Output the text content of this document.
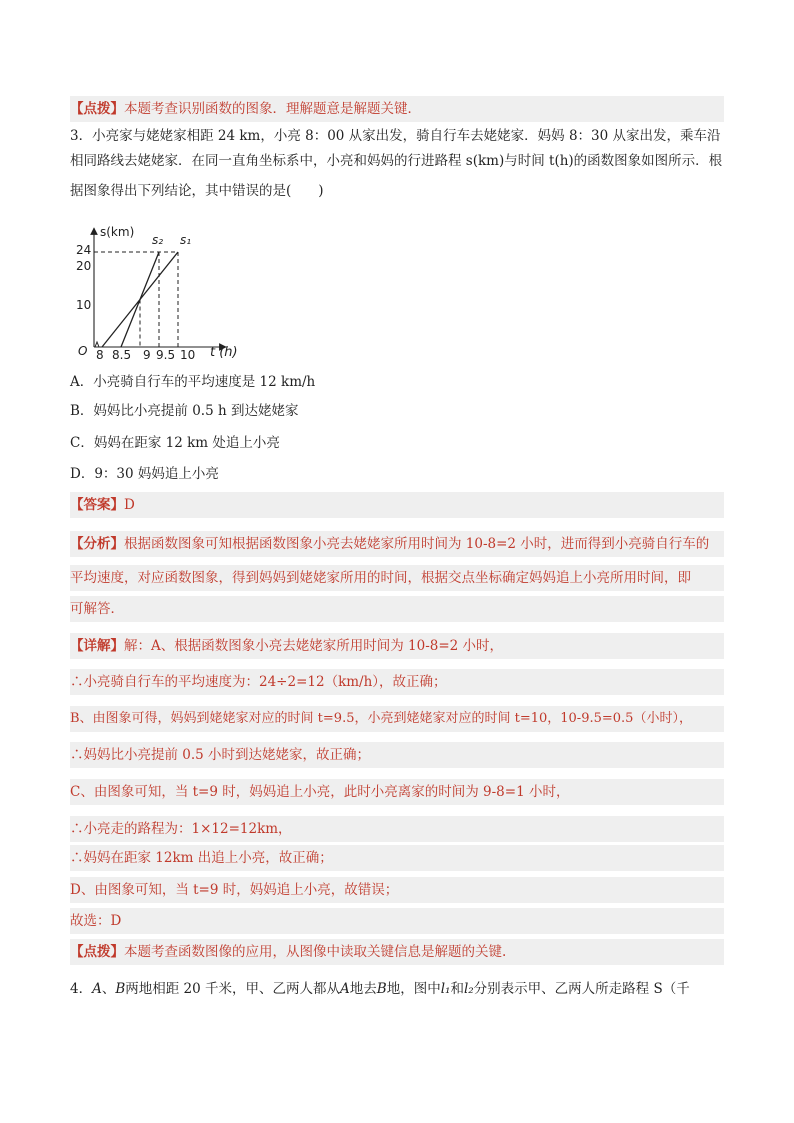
【点拨】本题考查识别函数的图象．理解题意是解题关键．
3．小亮家与姥姥家相距 24 km，小亮 8：00 从家出发，骑自行车去姥姥家．妈妈 8：30 从家出发，乘车沿
相同路线去姥姥家．在同一直角坐标系中，小亮和妈妈的行进路程 s(km)与时间 t(h)的函数图象如图所示．根
据图象得出下列结论，其中错误的是(　　)
s(km)
s₂ s₁
24
20
10
O 8 8.5 9 9.5 10 t (h)
A．小亮骑自行车的平均速度是 12 km/h
B．妈妈比小亮提前 0.5 h 到达姥姥家
C．妈妈在距家 12 km 处追上小亮
D．9：30 妈妈追上小亮
【答案】D
【分析】根据函数图象可知根据函数图象小亮去姥姥家所用时间为 10-8=2 小时，进而得到小亮骑自行车的
平均速度，对应函数图象，得到妈妈到姥姥家所用的时间，根据交点坐标确定妈妈追上小亮所用时间，即
可解答．
【详解】解：A、根据函数图象小亮去姥姥家所用时间为 10-8=2 小时，
∴小亮骑自行车的平均速度为：24÷2=12（km/h），故正确；
B、由图象可得，妈妈到姥姥家对应的时间 t=9.5，小亮到姥姥家对应的时间 t=10，10-9.5=0.5（小时），
∴妈妈比小亮提前 0.5 小时到达姥姥家，故正确；
C、由图象可知，当 t=9 时，妈妈追上小亮，此时小亮离家的时间为 9-8=1 小时，
∴小亮走的路程为：1×12=12km，
∴妈妈在距家 12km 出追上小亮，故正确；
D、由图象可知，当 t=9 时，妈妈追上小亮，故错误；
故选：D
【点拨】本题考查函数图像的应用，从图像中读取关键信息是解题的关键.
4．A、B两地相距 20 千米，甲、乙两人都从A地去B地，图中l₁和l₂分别表示甲、乙两人所走路程 S（千
